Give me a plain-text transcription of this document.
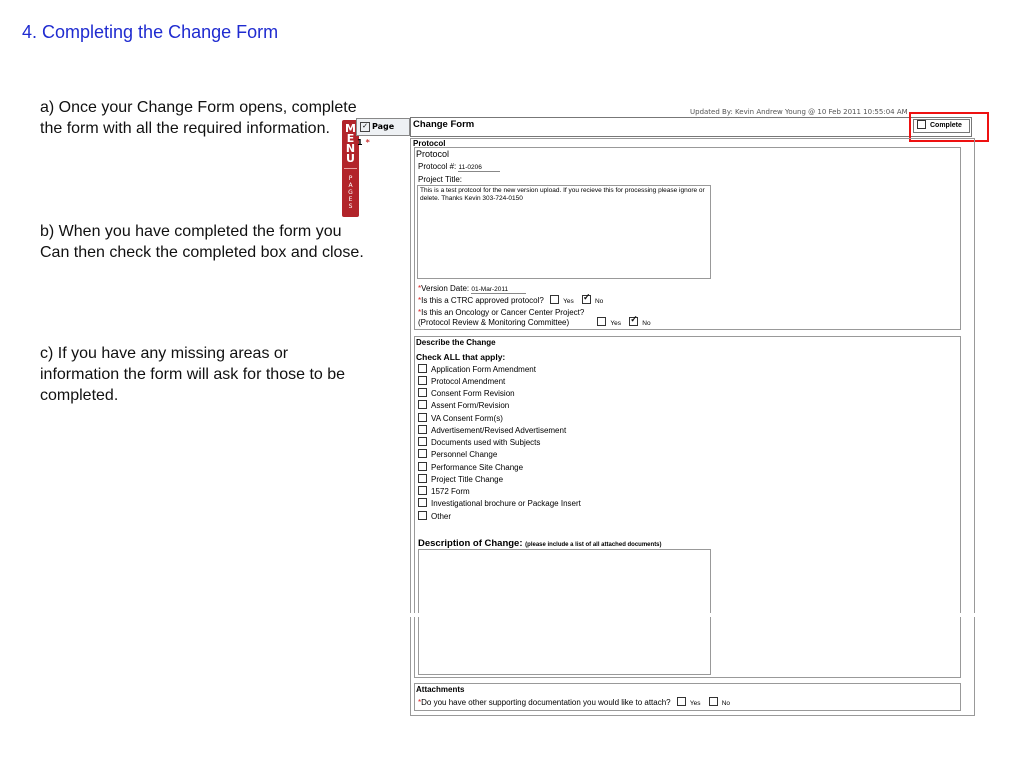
4. Completing the Change Form
a) Once your Change Form opens, complete the form with all the required information.
b) When you have completed the form you Can then check the completed box and close.
c) If you have any missing areas or information the form will ask for those to be completed.
M
E
N
U
P
A
G
E
S
✓ Page 1 *
Updated By: Kevin Andrew Young @ 10 Feb 2011 10:55:04 AM
Change Form	Complete
Protocol
Protocol
Protocol #: 11-0206
Project Title:
This is a test protcool for the new version upload. If you recieve this for processing please ignore or delete. Thanks Kevin 303-724-0150
*Version Date: 01-Mar-2011
*Is this a CTRC approved protocol?	Yes ✓	No
*Is this an Oncology or Cancer Center Project?
(Protocol Review & Monitoring Committee)	Yes ✓	No
Describe the Change
Check ALL that apply:
Application Form Amendment
Protocol Amendment
Consent Form Revision
Assent Form/Revision
VA Consent Form(s)
Advertisement/Revised Advertisement
Documents used with Subjects
Personnel Change
Performance Site Change
Project Title Change
1572 Form
Investigational brochure or Package Insert
Other
Description of Change: (please include a list of all attached documents)
Attachments
*Do you have other supporting documentation you would like to attach?	Yes	No
